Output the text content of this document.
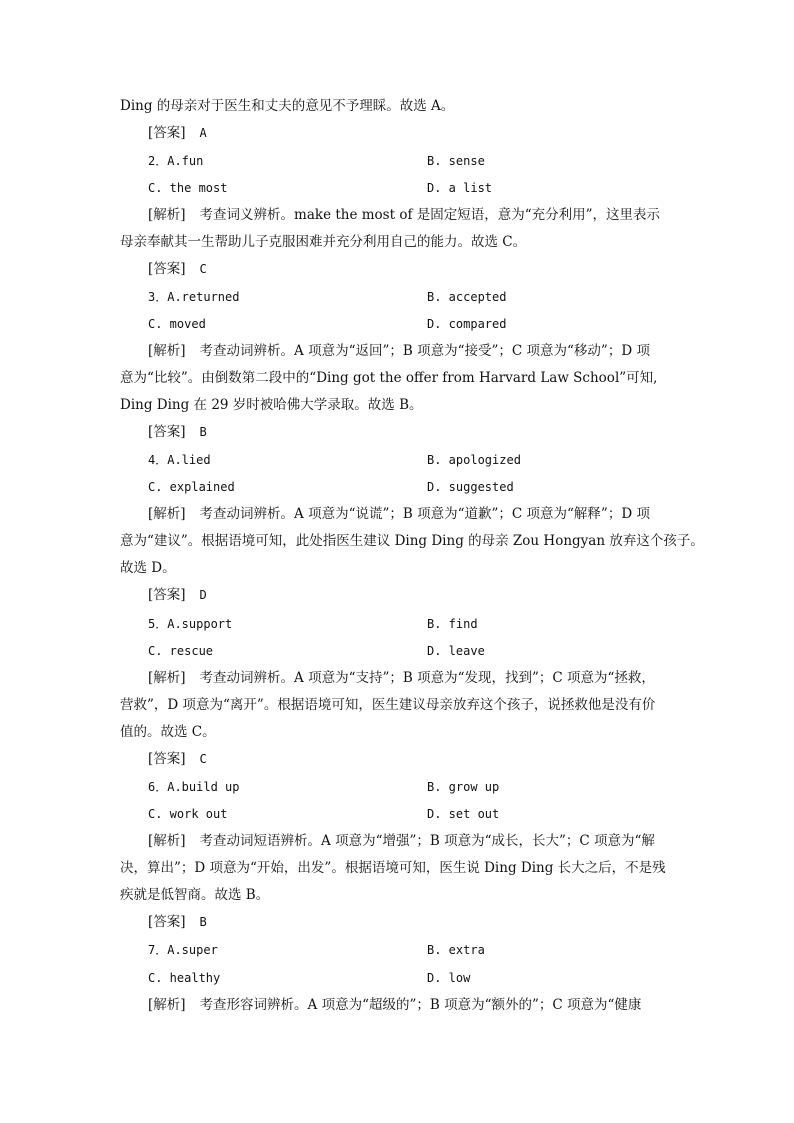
Ding 的母亲对于医生和丈夫的意见不予理睬。故选 A。
[答案] A
2．A.fun	B. sense
C. the most	D. a list
[解析] 考查词义辨析。make the most of 是固定短语，意为“充分利用”，这里表示
母亲奉献其一生帮助儿子克服困难并充分利用自己的能力。故选 C。
[答案] C
3．A.returned	B. accepted
C. moved	D. compared
[解析] 考查动词辨析。A 项意为“返回”；B 项意为“接受”；C 项意为“移动”；D 项
意为“比较”。由倒数第二段中的“Ding got the offer from Harvard Law School”可知,
Ding Ding 在 29 岁时被哈佛大学录取。故选 B。
[答案] B
4．A.lied	B. apologized
C. explained	D. suggested
[解析] 考查动词辨析。A 项意为“说谎”；B 项意为“道歉”；C 项意为“解释”；D 项
意为“建议”。根据语境可知，此处指医生建议 Ding Ding 的母亲 Zou Hongyan 放弃这个孩子。
故选 D。
[答案] D
5．A.support	B. find
C. rescue	D. leave
[解析] 考查动词辨析。A 项意为“支持”；B 项意为“发现，找到”；C 项意为“拯救，
营救”，D 项意为“离开”。根据语境可知，医生建议母亲放弃这个孩子，说拯救他是没有价
值的。故选 C。
[答案] C
6．A.build up	B. grow up
C. work out	D. set out
[解析] 考查动词短语辨析。A 项意为“增强”；B 项意为“成长，长大”；C 项意为“解
决，算出”；D 项意为“开始，出发”。根据语境可知，医生说 Ding Ding 长大之后，不是残
疾就是低智商。故选 B。
[答案] B
7．A.super	B. extra
C. healthy	D. low
[解析] 考查形容词辨析。A 项意为“超级的”；B 项意为“额外的”；C 项意为“健康
